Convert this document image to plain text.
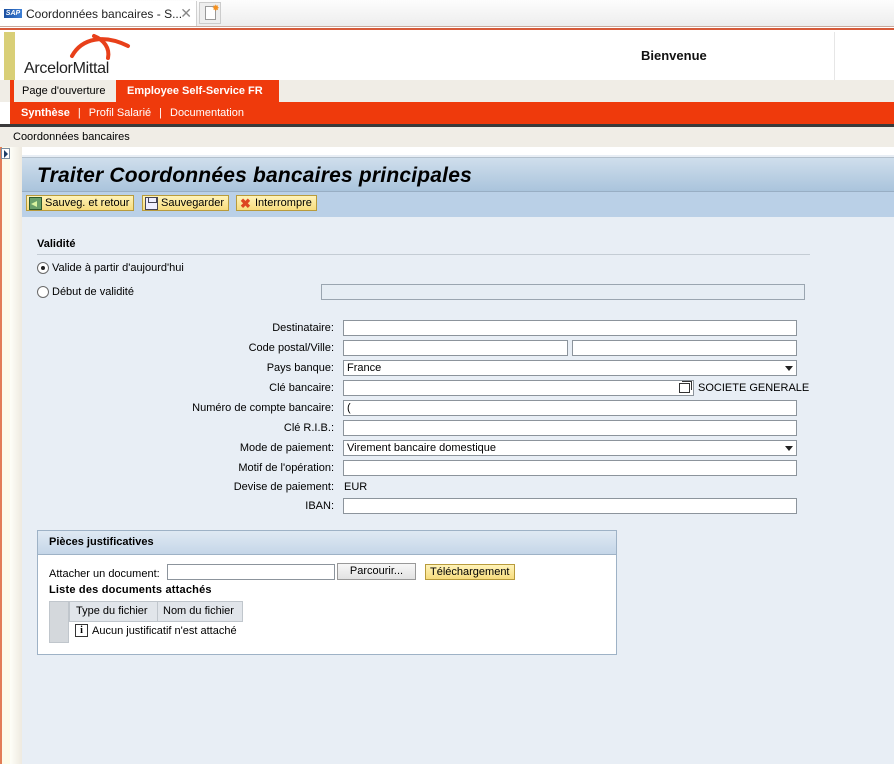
SAP Coordonnées bancaires - S...
✕ ✸
ArcelorMittal
Bienvenue
Page d'ouverture	Employee Self-Service FR
Synthèse | Profil Salarié | Documentation
Coordonnées bancaires
Traiter Coordonnées bancaires principales
Sauveg. et retour	Sauvegarder ✖ Interrompre
Validité
Valide à partir d'aujourd'hui
Début de validité
Destinataire:
Code postal/Ville:
Pays banque:	France
Clé bancaire:	SOCIETE GENERALE
Numéro de compte bancaire:	(
Clé R.I.B.:
Mode de paiement:	Virement bancaire domestique
Motif de l'opération:
Devise de paiement: EUR
IBAN:
Pièces justificatives
Attacher un document:	Parcourir...	Téléchargement
Liste des documents attachés
Type du fichier	Nom du fichier
i Aucun justificatif n'est attaché
